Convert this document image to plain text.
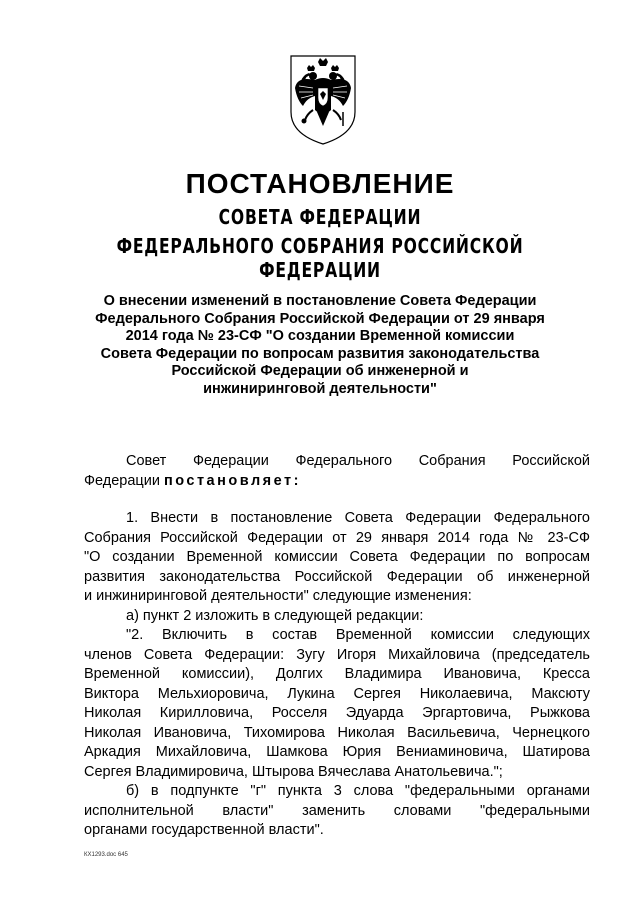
ПОСТАНОВЛЕНИЕ
СОВЕТА ФЕДЕРАЦИИ
ФЕДЕРАЛЬНОГО СОБРАНИЯ РОССИЙСКОЙ ФЕДЕРАЦИИ
О внесении изменений в постановление Совета Федерации
Федерального Собрания Российской Федерации от 29 января
2014 года № 23-СФ "О создании Временной комиссии
Совета Федерации по вопросам развития законодательства
Российской Федерации об инженерной и
инжиниринговой деятельности"
Совет Федерации Федерального Собрания Российской
Федерации постановляет:
1. Внести в постановление Совета Федерации Федерального
Собрания Российской Федерации от 29 января 2014 года № 23-СФ
"О создании Временной комиссии Совета Федерации по вопросам
развития законодательства Российской Федерации об инженерной
и инжиниринговой деятельности" следующие изменения:
а) пункт 2 изложить в следующей редакции:
"2. Включить в состав Временной комиссии следующих
членов Совета Федерации: Зугу Игоря Михайловича (председатель
Временной комиссии), Долгих Владимира Ивановича, Кресса
Виктора Мельхиоровича, Лукина Сергея Николаевича, Максюту
Николая Кирилловича, Росселя Эдуарда Эргартовича, Рыжкова
Николая Ивановича, Тихомирова Николая Васильевича, Чернецкого
Аркадия Михайловича, Шамкова Юрия Вениаминовича, Шатирова
Сергея Владимировича, Штырова Вячеслава Анатольевича.";
б) в подпункте "г" пункта 3 слова "федеральными органами
исполнительной власти" заменить словами "федеральными
органами государственной власти".
КХ1293.doc 645
